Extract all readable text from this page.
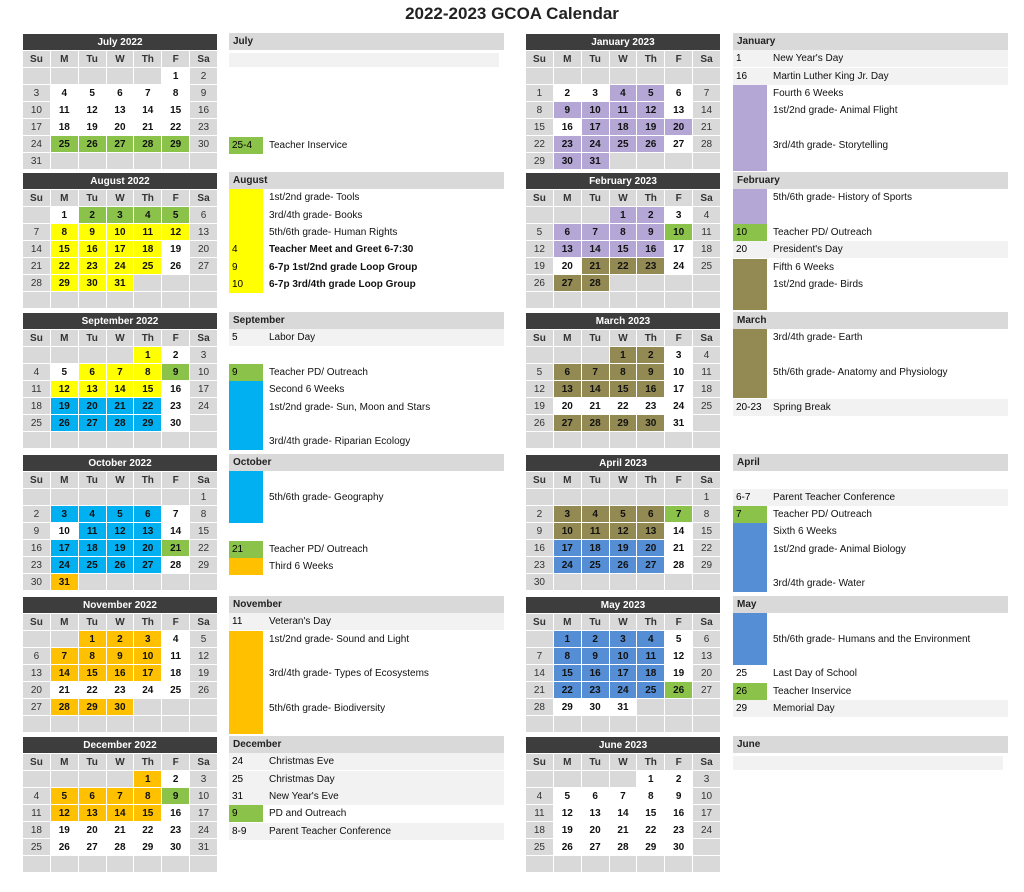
2022-2023 GCOA Calendar
July 2022						
Su	M	Tu	W	Th	F	Sa
					1	2
3	4	5	6	7	8	9
10	11	12	13	14	15	16
17	18	19	20	21	22	23
24	25	26	27	28	29	30
31						
July
25-4	Teacher Inservice
August 2022						
Su	M	Tu	W	Th	F	Sa
	1	2	3	4	5	6
7	8	9	10	11	12	13
14	15	16	17	18	19	20
21	22	23	24	25	26	27
28	29	30	31			

August
1st/2nd grade- Tools
3rd/4th grade- Books
5th/6th grade- Human Rights
4	Teacher Meet and Greet 6-7:30
9	6-7p 1st/2nd grade Loop Group
10	6-7p 3rd/4th grade Loop Group
September 2022						
Su	M	Tu	W	Th	F	Sa
				1	2	3
4	5	6	7	8	9	10
11	12	13	14	15	16	17
18	19	20	21	22	23	24
25	26	27	28	29	30	

September
5	Labor Day
9	Teacher PD/ Outreach
Second 6 Weeks
1st/2nd grade- Sun, Moon and Stars
3rd/4th grade- Riparian Ecology
October 2022						
Su	M	Tu	W	Th	F	Sa
						1
2	3	4	5	6	7	8
9	10	11	12	13	14	15
16	17	18	19	20	21	22
23	24	25	26	27	28	29
30	31					
October
5th/6th grade- Geography
21	Teacher PD/ Outreach
Third 6 Weeks
November 2022						
Su	M	Tu	W	Th	F	Sa
		1	2	3	4	5
6	7	8	9	10	11	12
13	14	15	16	17	18	19
20	21	22	23	24	25	26
27	28	29	30			

November
11	Veteran's Day
1st/2nd grade- Sound and Light
3rd/4th grade- Types of Ecosystems
5th/6th grade- Biodiversity
December 2022						
Su	M	Tu	W	Th	F	Sa
				1	2	3
4	5	6	7	8	9	10
11	12	13	14	15	16	17
18	19	20	21	22	23	24
25	26	27	28	29	30	31

December
24	Christmas Eve
25	Christmas Day
31	New Year's Eve
9	PD and Outreach
8-9	Parent Teacher Conference
January 2023						
Su	M	Tu	W	Th	F	Sa

1	2	3	4	5	6	7
8	9	10	11	12	13	14
15	16	17	18	19	20	21
22	23	24	25	26	27	28
29	30	31				
January
1	New Year's Day
16	Martin Luther King Jr. Day
Fourth 6 Weeks
1st/2nd grade- Animal Flight
3rd/4th grade- Storytelling
February 2023						
Su	M	Tu	W	Th	F	Sa
			1	2	3	4
5	6	7	8	9	10	11
12	13	14	15	16	17	18
19	20	21	22	23	24	25
26	27	28				

February
5th/6th grade- History of Sports
10	Teacher PD/ Outreach
20	President's Day
Fifth 6 Weeks
1st/2nd grade- Birds
March 2023						
Su	M	Tu	W	Th	F	Sa
			1	2	3	4
5	6	7	8	9	10	11
12	13	14	15	16	17	18
19	20	21	22	23	24	25
26	27	28	29	30	31	

March
3rd/4th grade- Earth
5th/6th grade- Anatomy and Physiology
20-23	Spring Break
April 2023						
Su	M	Tu	W	Th	F	Sa
						1
2	3	4	5	6	7	8
9	10	11	12	13	14	15
16	17	18	19	20	21	22
23	24	25	26	27	28	29
30						
April
6-7	Parent Teacher Conference
7	Teacher PD/ Outreach
Sixth 6 Weeks
1st/2nd grade- Animal Biology
3rd/4th grade- Water
May 2023						
Su	M	Tu	W	Th	F	Sa
	1	2	3	4	5	6
7	8	9	10	11	12	13
14	15	16	17	18	19	20
21	22	23	24	25	26	27
28	29	30	31			

May
5th/6th grade- Humans and the Environment
25	Last Day of School
26	Teacher Inservice
29	Memorial Day
June 2023						
Su	M	Tu	W	Th	F	Sa
				1	2	3
4	5	6	7	8	9	10
11	12	13	14	15	16	17
18	19	20	21	22	23	24
25	26	27	28	29	30	

June
